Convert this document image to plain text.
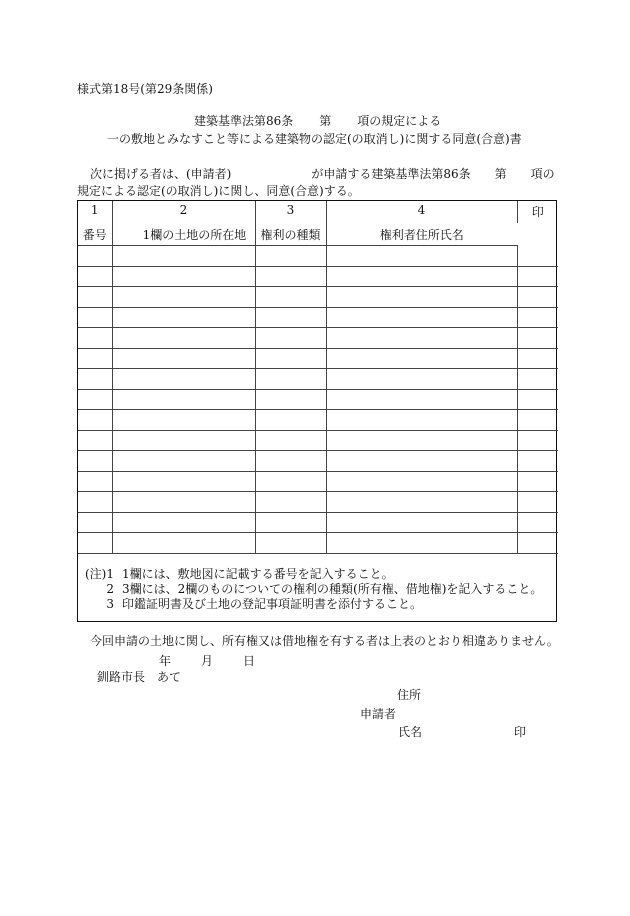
様式第18号(第29条関係)
建築基準法第86条 第 項の規定による
一の敷地とみなすこと等による建築物の認定(の取消し)に関する同意(合意)書
次に掲げる者は、(申請者)	が申請する建築基準法第86条 第 項の
規定による認定(の取消し)に関し、同意(合意)する。
1	2	3	4	印
番号	1欄の土地の所在地	権利の種類	権利者住所氏名	

(注)1 1欄には、敷地図に記載する番号を記入すること。
2 3欄には、2欄のものについての権利の種類(所有権、借地権)を記入すること。
3 印鑑証明書及び土地の登記事項証明書を添付すること。
今回申請の土地に関し、所有権又は借地権を有する者は上表のとおり相違ありません。
年	月	日
釧路市長　あて
住所
申請者
氏名	印
